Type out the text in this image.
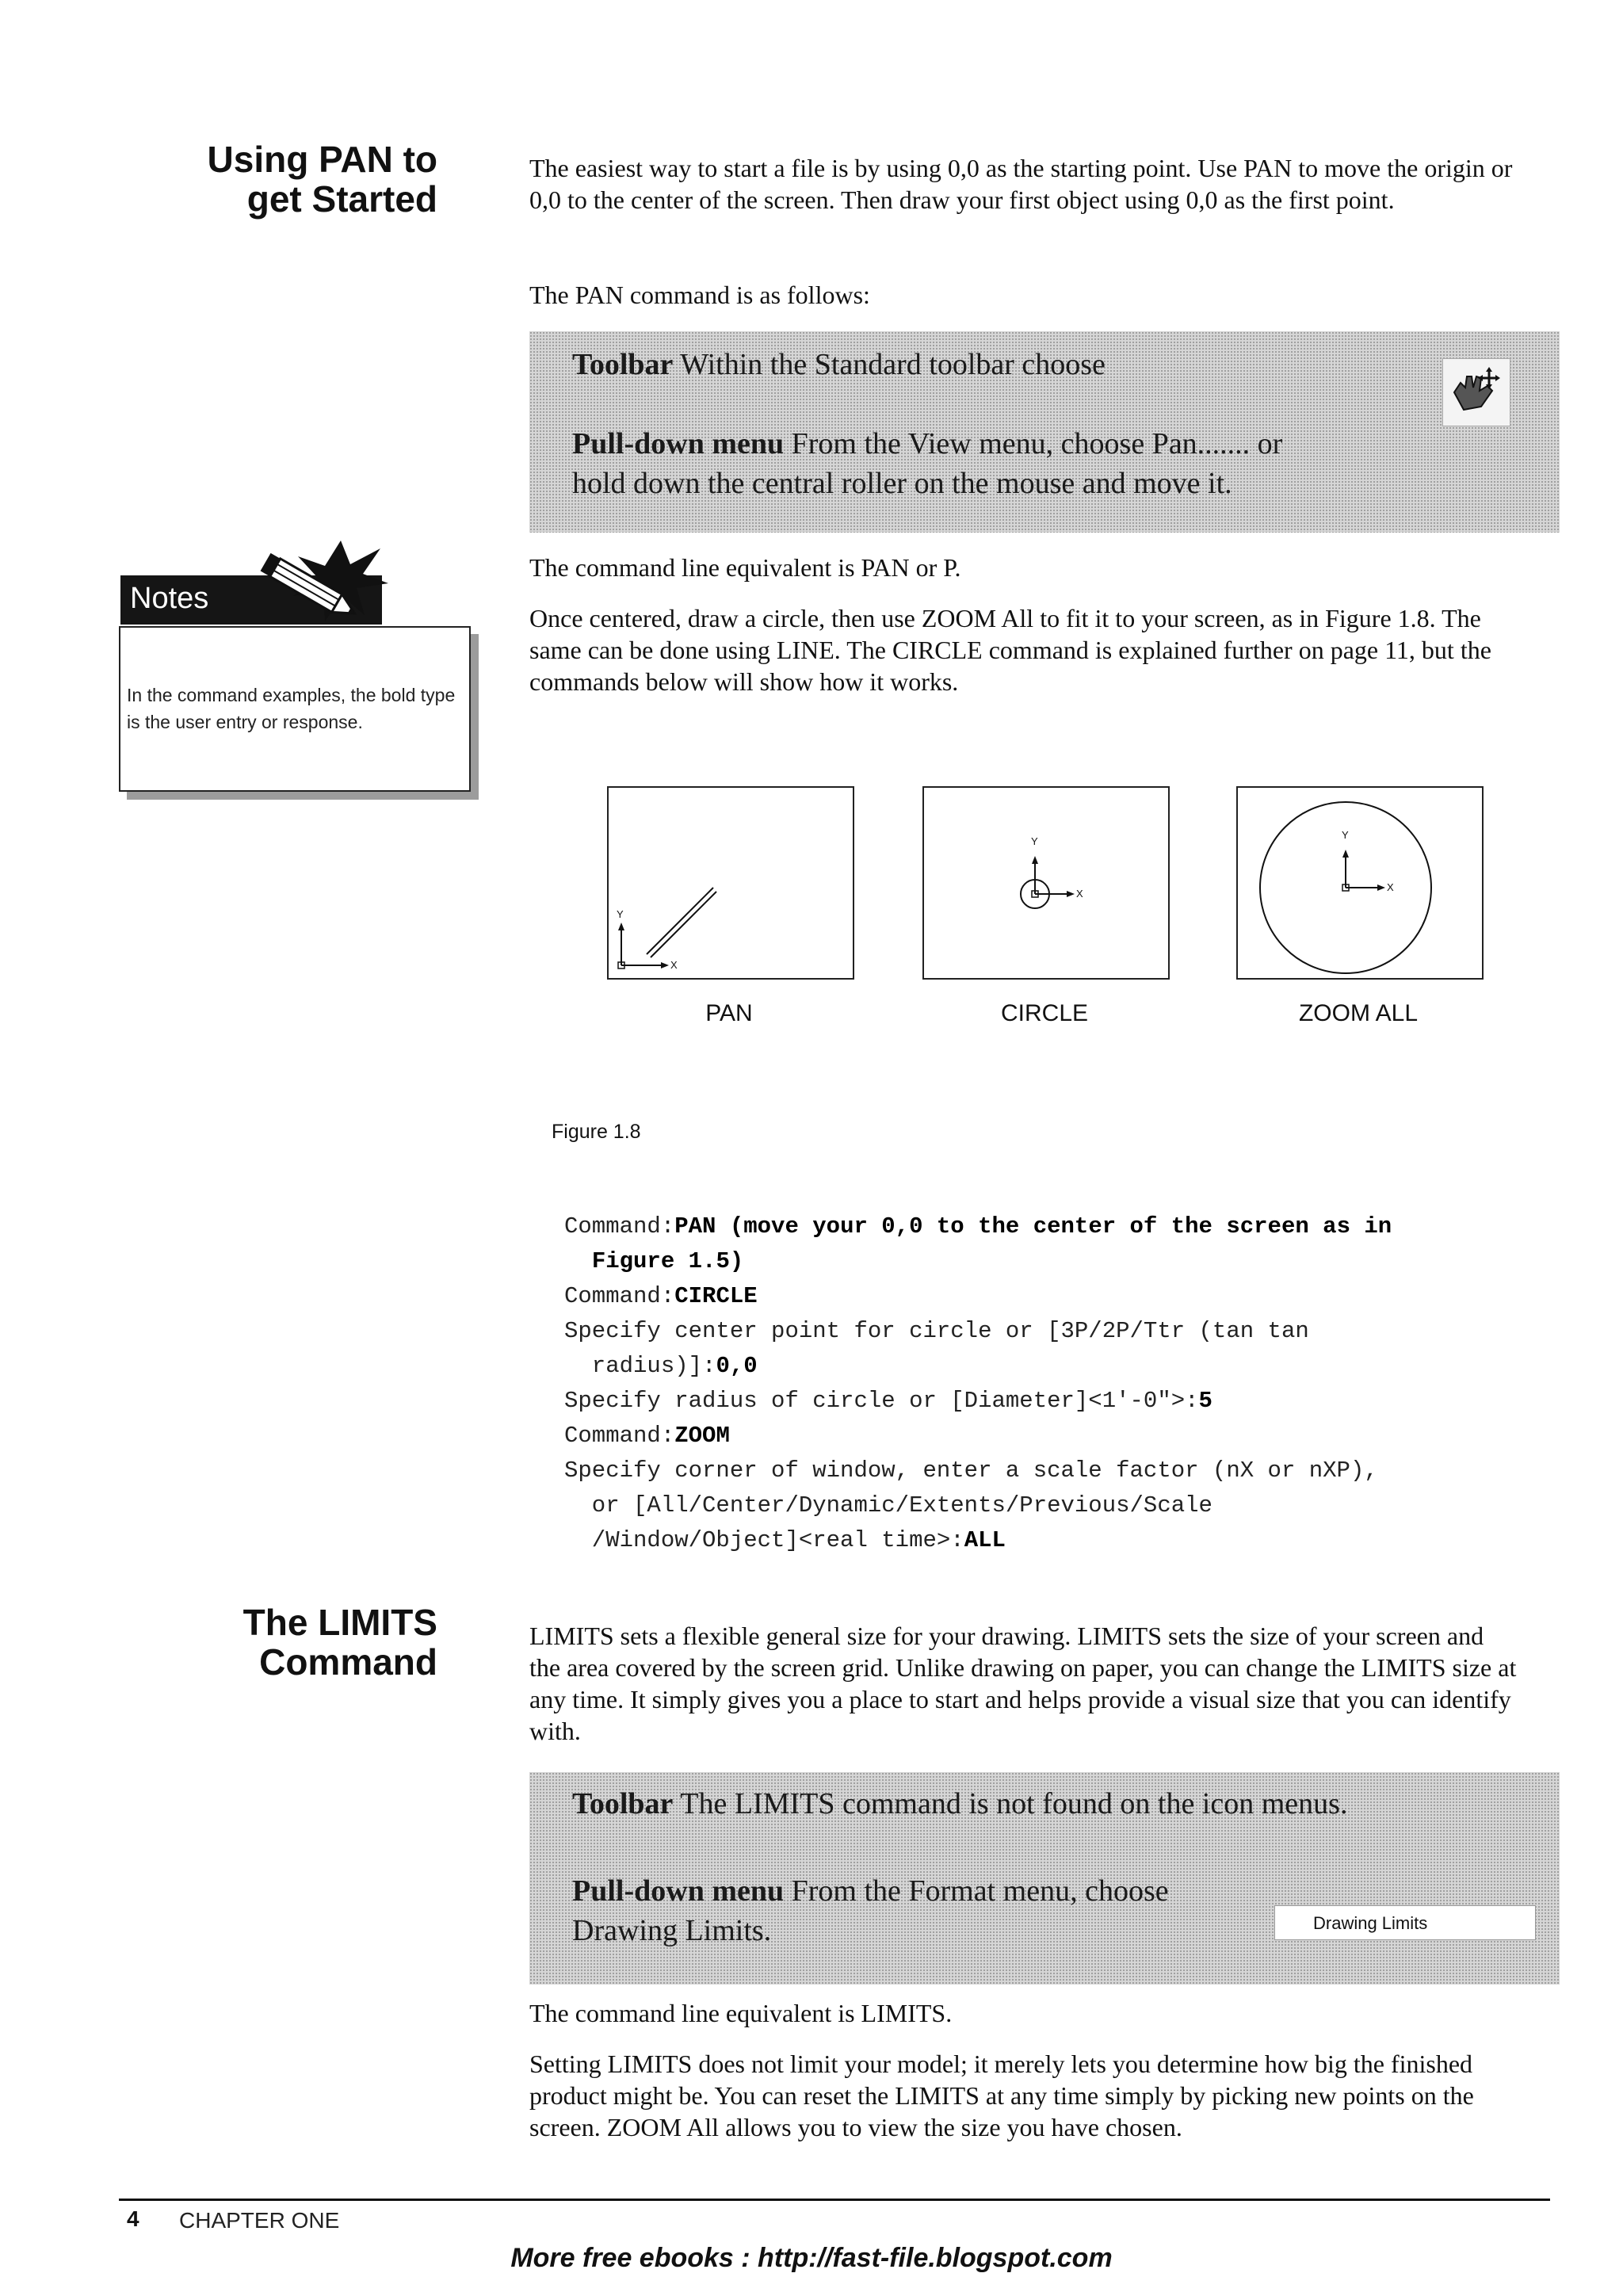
Using PAN to
get Started

The easiest way to start a file is by using 0,0 as the starting point. Use PAN to move the origin or 0,0 to the center of the screen. Then draw your first object using 0,0 as the first point.

The PAN command is as follows:

Toolbar Within the Standard toolbar choose
Pull-down menu From the View menu, choose Pan....... or
hold down the central roller on the mouse and move it.

The command line equivalent is PAN or P.

Once centered, draw a circle, then use ZOOM All to fit it to your screen, as in Figure 1.8. The same can be done using LINE. The CIRCLE command is explained further on page 11, but the commands below will show how it works.

In the command examples, the bold type is the user entry or response.
Notes
Y
X
Y
X
Y
X
PAN	CIRCLE	ZOOM ALL
Figure 1.8
Command:PAN (move your 0,0 to the center of the screen as in
Figure 1.5)
Command:CIRCLE
Specify center point for circle or [3P/2P/Ttr (tan tan
radius)]:0,0
Specify radius of circle or [Diameter]<1'-0">:5
Command:ZOOM
Specify corner of window, enter a scale factor (nX or nXP),
or [All/Center/Dynamic/Extents/Previous/Scale
/Window/Object]<real time>:ALL
The LIMITS
Command

LIMITS sets a flexible general size for your drawing. LIMITS sets the size of your screen and the area covered by the screen grid. Unlike drawing on paper, you can change the LIMITS size at any time. It simply gives you a place to start and helps provide a visual size that you can identify with.

Toolbar The LIMITS command is not found on the icon menus.
Pull-down menu From the Format menu, choose
Drawing Limits.	Drawing Limits

The command line equivalent is LIMITS.

Setting LIMITS does not limit your model; it merely lets you determine how big the finished product might be. You can reset the LIMITS at any time simply by picking new points on the screen. ZOOM All allows you to view the size you have chosen.

4 CHAPTER ONE
More free ebooks : http://fast-file.blogspot.com
